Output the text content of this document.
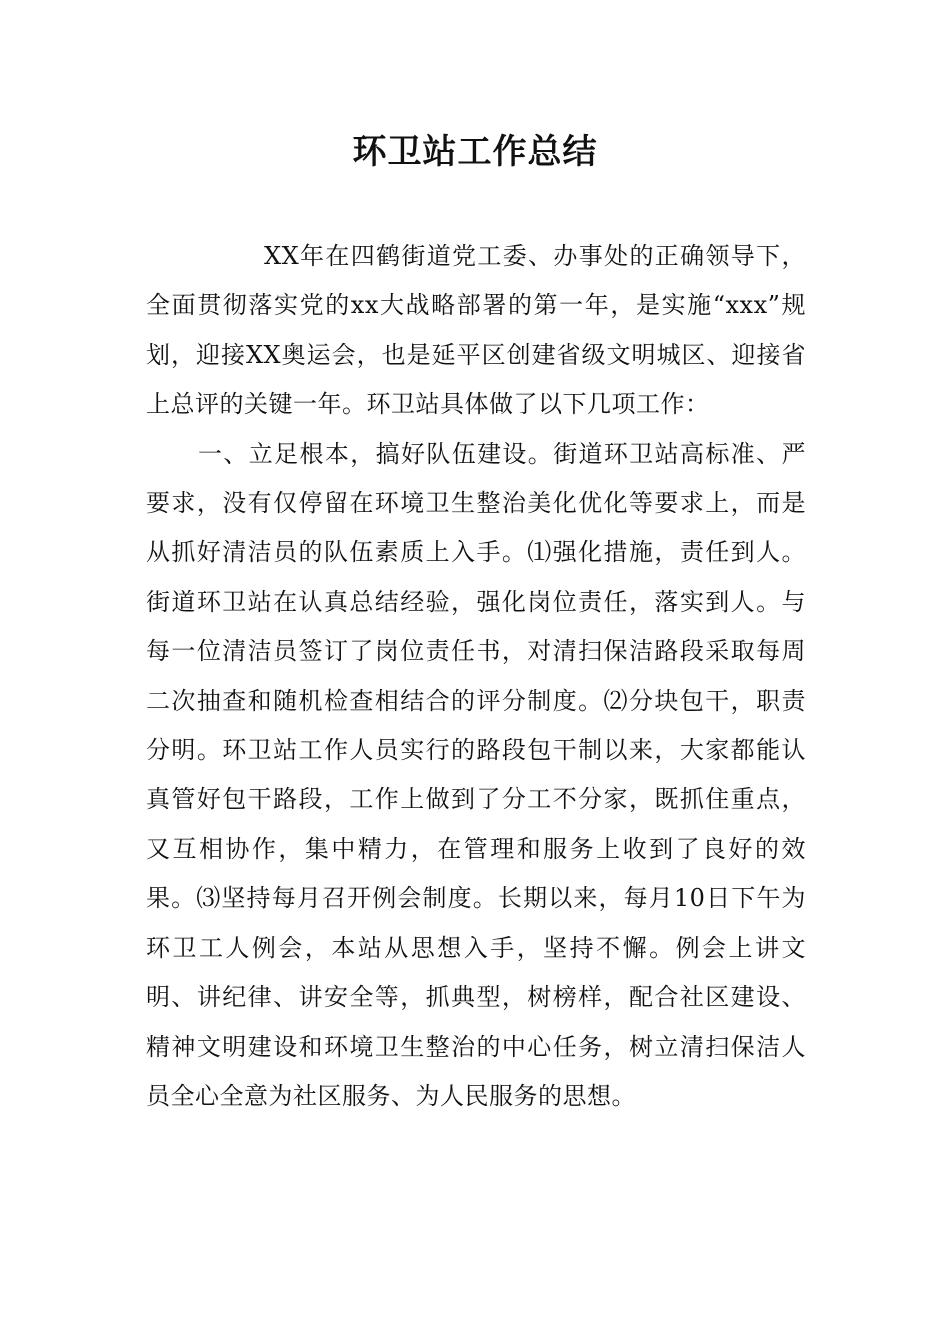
环卫站工作总结

XX年在四鹤街道党工委、办事处的正确领导下，全面贯彻落实党的xx大战略部署的第一年，是实施“xxx”规划，迎接XX奥运会，也是延平区创建省级文明城区、迎接省上总评的关键一年。环卫站具体做了以下几项工作：

一、立足根本，搞好队伍建设。街道环卫站高标准、严要求，没有仅停留在环境卫生整治美化优化等要求上，而是从抓好清洁员的队伍素质上入手。⑴强化措施，责任到人。街道环卫站在认真总结经验，强化岗位责任，落实到人。与每一位清洁员签订了岗位责任书，对清扫保洁路段采取每周二次抽查和随机检查相结合的评分制度。⑵分块包干，职责分明。环卫站工作人员实行的路段包干制以来，大家都能认真管好包干路段，工作上做到了分工不分家，既抓住重点，又互相协作，集中精力，在管理和服务上收到了良好的效果。⑶坚持每月召开例会制度。长期以来，每月10日下午为环卫工人例会，本站从思想入手，坚持不懈。例会上讲文明、讲纪律、讲安全等，抓典型，树榜样，配合社区建设、精神文明建设和环境卫生整治的中心任务，树立清扫保洁人员全心全意为社区服务、为人民服务的思想。
